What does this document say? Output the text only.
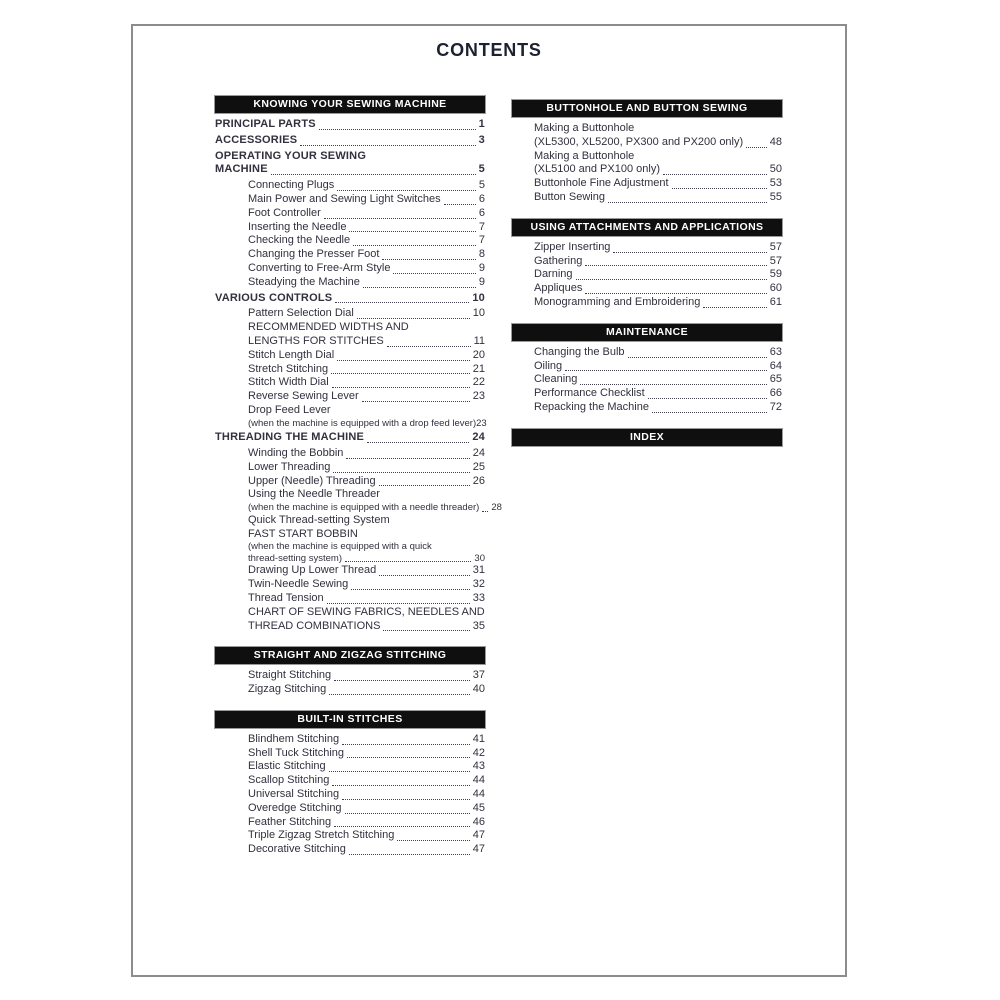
CONTENTS
KNOWING YOUR SEWING MACHINE
PRINCIPAL PARTS	1
ACCESSORIES	3
OPERATING YOUR SEWING
MACHINE	5
Connecting Plugs	5
Main Power and Sewing Light Switches	6
Foot Controller	6
Inserting the Needle	7
Checking the Needle	7
Changing the Presser Foot	8
Converting to Free-Arm Style	9
Steadying the Machine	9
VARIOUS CONTROLS	10
Pattern Selection Dial	10
RECOMMENDED WIDTHS AND
LENGTHS FOR STITCHES	11
Stitch Length Dial	20
Stretch Stitching	21
Stitch Width Dial	22
Reverse Sewing Lever	23
Drop Feed Lever
(when the machine is equipped with a drop feed lever) 23
THREADING THE MACHINE	24
Winding the Bobbin	24
Lower Threading	25
Upper (Needle) Threading	26
Using the Needle Threader
(when the machine is equipped with a needle threader) 28
Quick Thread-setting System
FAST START BOBBIN
(when the machine is equipped with a quick
thread-setting system)	30
Drawing Up Lower Thread	31
Twin-Needle Sewing	32
Thread Tension	33
CHART OF SEWING FABRICS, NEEDLES AND
THREAD COMBINATIONS	35
STRAIGHT AND ZIGZAG STITCHING
Straight Stitching	37
Zigzag Stitching	40
BUILT-IN STITCHES
Blindhem Stitching	41
Shell Tuck Stitching	42
Elastic Stitching	43
Scallop Stitching	44
Universal Stitching	44
Overedge Stitching	45
Feather Stitching	46
Triple Zigzag Stretch Stitching	47
Decorative Stitching	47
BUTTONHOLE AND BUTTON SEWING
Making a Buttonhole
(XL5300, XL5200, PX300 and PX200 only) 48
Making a Buttonhole
(XL5100 and PX100 only)	50
Buttonhole Fine Adjustment	53
Button Sewing	55
USING ATTACHMENTS AND APPLICATIONS
Zipper Inserting	57
Gathering	57
Darning	59
Appliques	60
Monogramming and Embroidering	61
MAINTENANCE
Changing the Bulb	63
Oiling	64
Cleaning	65
Performance Checklist	66
Repacking the Machine	72
INDEX
